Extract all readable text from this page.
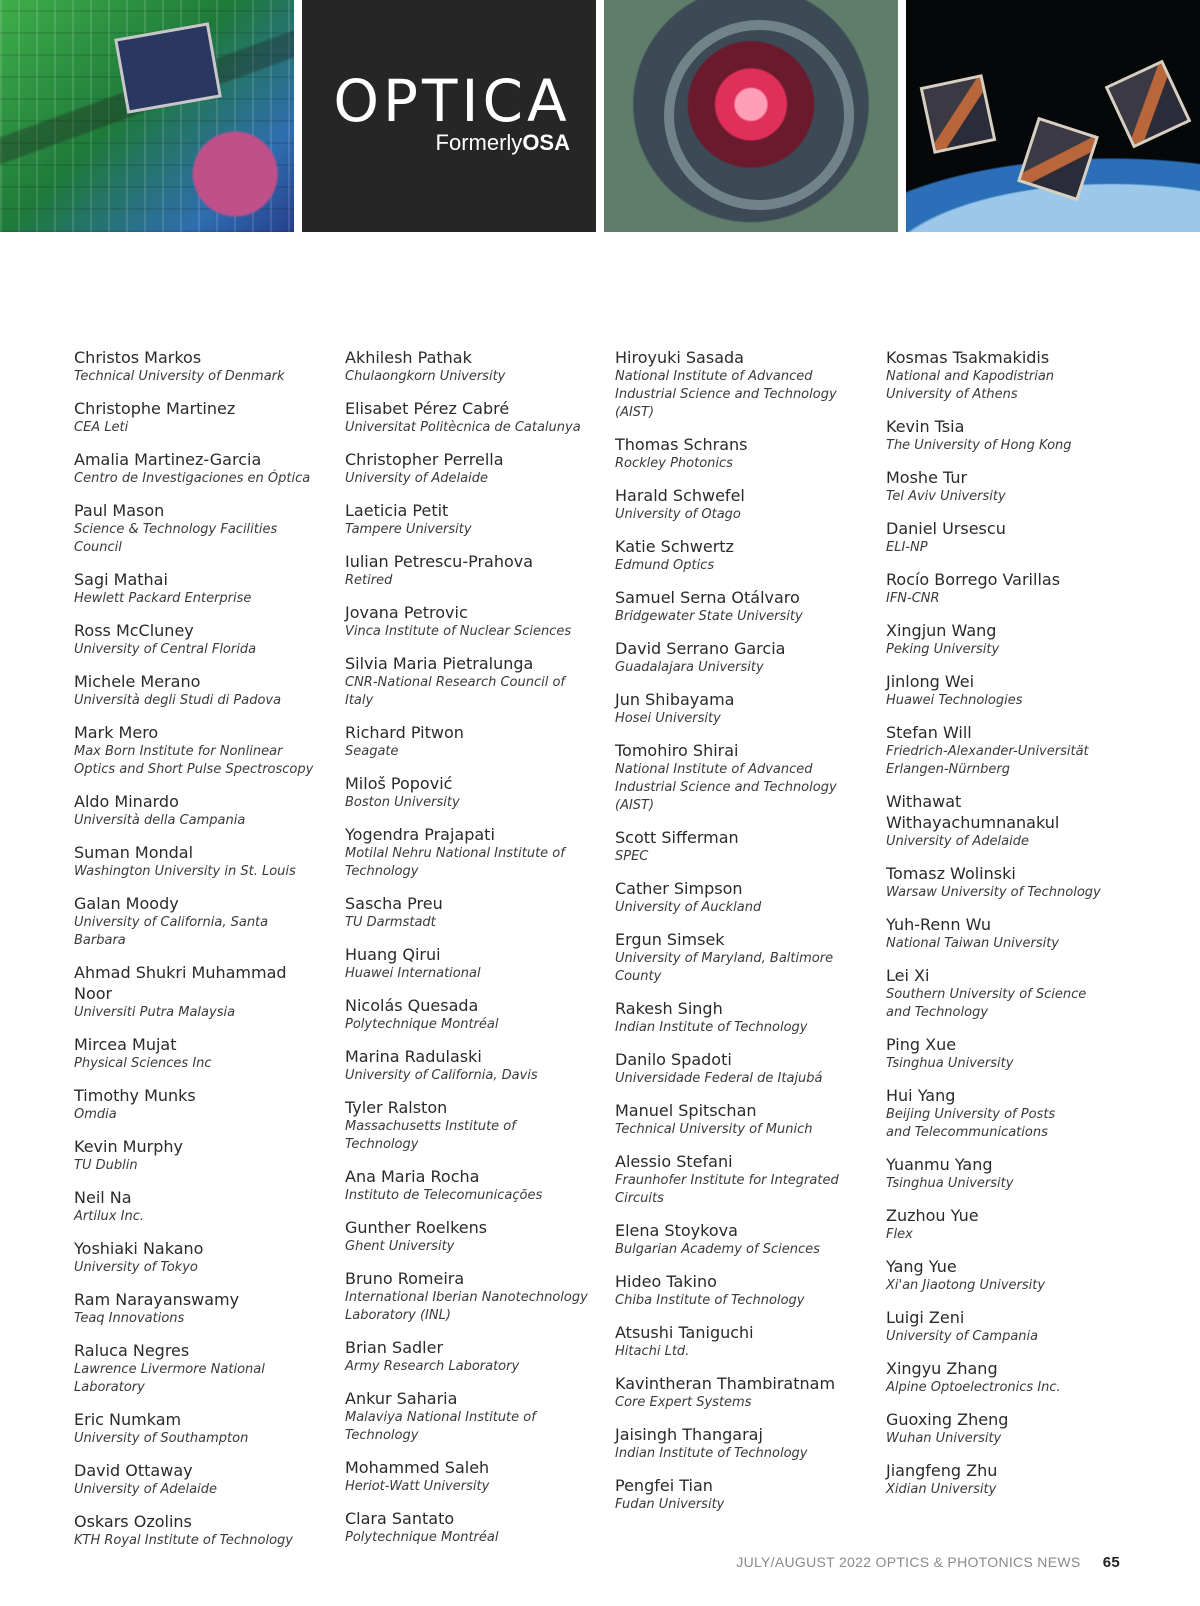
OPTICA
FormerlyOSA
Christos Markos
Technical University of Denmark
Christophe Martinez
CEA Leti
Amalia Martinez-Garcia
Centro de Investigaciones en Óptica
Paul Mason
Science & Technology Facilities
Council
Sagi Mathai
Hewlett Packard Enterprise
Ross McCluney
University of Central Florida
Michele Merano
Università degli Studi di Padova
Mark Mero
Max Born Institute for Nonlinear
Optics and Short Pulse Spectroscopy
Aldo Minardo
Università della Campania
Suman Mondal
Washington University in St. Louis
Galan Moody
University of California, Santa
Barbara
Ahmad Shukri Muhammad
Noor
Universiti Putra Malaysia
Mircea Mujat
Physical Sciences Inc
Timothy Munks
Omdia
Kevin Murphy
TU Dublin
Neil Na
Artilux Inc.
Yoshiaki Nakano
University of Tokyo
Ram Narayanswamy
Teaq Innovations
Raluca Negres
Lawrence Livermore National
Laboratory
Eric Numkam
University of Southampton
David Ottaway
University of Adelaide
Oskars Ozolins
KTH Royal Institute of Technology
Akhilesh Pathak
Chulaongkorn University
Elisabet Pérez Cabré
Universitat Politècnica de Catalunya
Christopher Perrella
University of Adelaide
Laeticia Petit
Tampere University
Iulian Petrescu-Prahova
Retired
Jovana Petrovic
Vinca Institute of Nuclear Sciences
Silvia Maria Pietralunga
CNR-National Research Council of
Italy
Richard Pitwon
Seagate
Miloš Popović
Boston University
Yogendra Prajapati
Motilal Nehru National Institute of
Technology
Sascha Preu
TU Darmstadt
Huang Qirui
Huawei International
Nicolás Quesada
Polytechnique Montréal
Marina Radulaski
University of California, Davis
Tyler Ralston
Massachusetts Institute of
Technology
Ana Maria Rocha
Instituto de Telecomunicações
Gunther Roelkens
Ghent University
Bruno Romeira
International Iberian Nanotechnology
Laboratory (INL)
Brian Sadler
Army Research Laboratory
Ankur Saharia
Malaviya National Institute of
Technology
Mohammed Saleh
Heriot-Watt University
Clara Santato
Polytechnique Montréal
Hiroyuki Sasada
National Institute of Advanced
Industrial Science and Technology
(AIST)
Thomas Schrans
Rockley Photonics
Harald Schwefel
University of Otago
Katie Schwertz
Edmund Optics
Samuel Serna Otálvaro
Bridgewater State University
David Serrano Garcia
Guadalajara University
Jun Shibayama
Hosei University
Tomohiro Shirai
National Institute of Advanced
Industrial Science and Technology
(AIST)
Scott Sifferman
SPEC
Cather Simpson
University of Auckland
Ergun Simsek
University of Maryland, Baltimore
County
Rakesh Singh
Indian Institute of Technology
Danilo Spadoti
Universidade Federal de Itajubá
Manuel Spitschan
Technical University of Munich
Alessio Stefani
Fraunhofer Institute for Integrated
Circuits
Elena Stoykova
Bulgarian Academy of Sciences
Hideo Takino
Chiba Institute of Technology
Atsushi Taniguchi
Hitachi Ltd.
Kavintheran Thambiratnam
Core Expert Systems
Jaisingh Thangaraj
Indian Institute of Technology
Pengfei Tian
Fudan University
Kosmas Tsakmakidis
National and Kapodistrian
University of Athens
Kevin Tsia
The University of Hong Kong
Moshe Tur
Tel Aviv University
Daniel Ursescu
ELI-NP
Rocío Borrego Varillas
IFN-CNR
Xingjun Wang
Peking University
Jinlong Wei
Huawei Technologies
Stefan Will
Friedrich-Alexander-Universität
Erlangen-Nürnberg
Withawat
Withayachumnanakul
University of Adelaide
Tomasz Wolinski
Warsaw University of Technology
Yuh-Renn Wu
National Taiwan University
Lei Xi
Southern University of Science
and Technology
Ping Xue
Tsinghua University
Hui Yang
Beijing University of Posts
and Telecommunications
Yuanmu Yang
Tsinghua University
Zuzhou Yue
Flex
Yang Yue
Xi'an Jiaotong University
Luigi Zeni
University of Campania
Xingyu Zhang
Alpine Optoelectronics Inc.
Guoxing Zheng
Wuhan University
Jiangfeng Zhu
Xidian University
JULY/AUGUST 2022 OPTICS & PHOTONICS NEWS 65
